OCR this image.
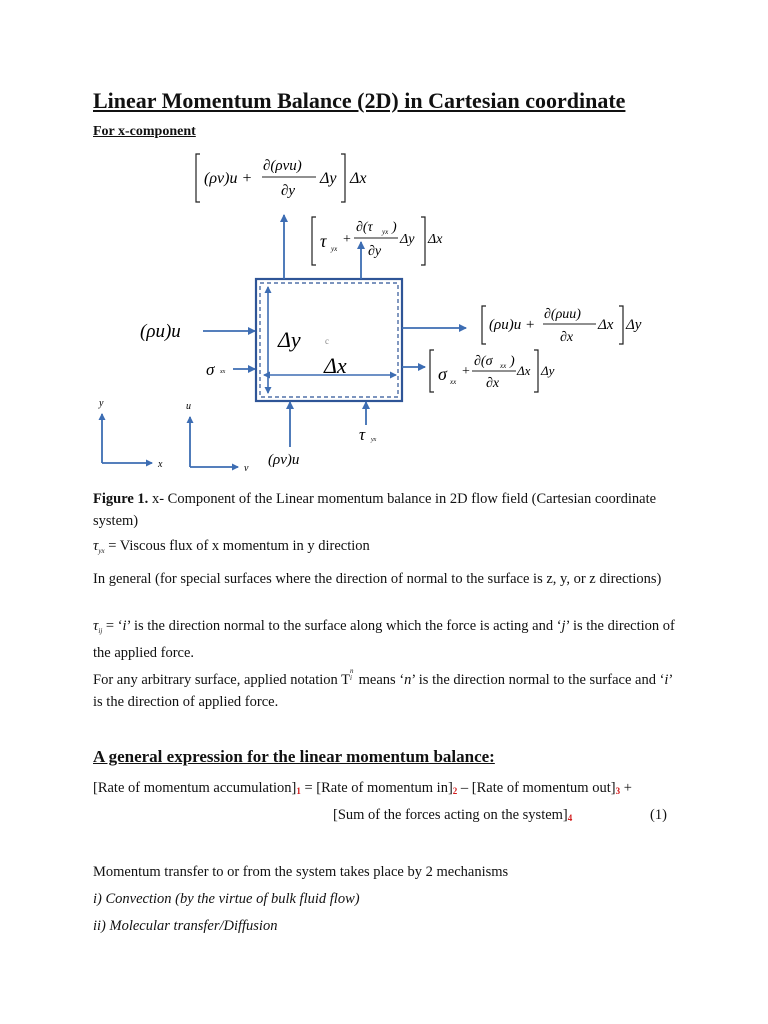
Linear Momentum Balance (2D) in Cartesian coordinate
For x-component
(ρv)u +
∂(ρvu)
∂y
Δy Δx
τ yx
+
∂(τ yx )
∂y
Δy Δx
(ρu)u +
∂(ρuu)
∂x
Δx Δy
σ xx
+
∂(σ xx )
∂x
Δx Δy
(ρu)u
σ xx
Δy
Δx
c
(ρv)u
τ yx
y
x
u
v
Figure 1. x- Component of the Linear momentum balance in 2D flow field (Cartesian coordinate system)
$\tau_{yx}$ = Viscous flux of x momentum in y direction
In general (for special surfaces where the direction of normal to the surface is z, y, or z directions)
$\tau_{ij}$ = ‘i’ is the direction normal to the surface along which the force is acting and ‘j’ is the direction of the applied force.
For any arbitrary surface, applied notation Tn
i means ‘n’ is the direction normal to the surface and ‘i’ is the direction of applied force.
A general expression for the linear momentum balance:
[Rate of momentum accumulation]1 = [Rate of momentum in]2 – [Rate of momentum out]3 +
[Sum of the forces acting on the system]4	(1)
Momentum transfer to or from the system takes place by 2 mechanisms
i) Convection (by the virtue of bulk fluid flow)
ii) Molecular transfer/Diffusion
